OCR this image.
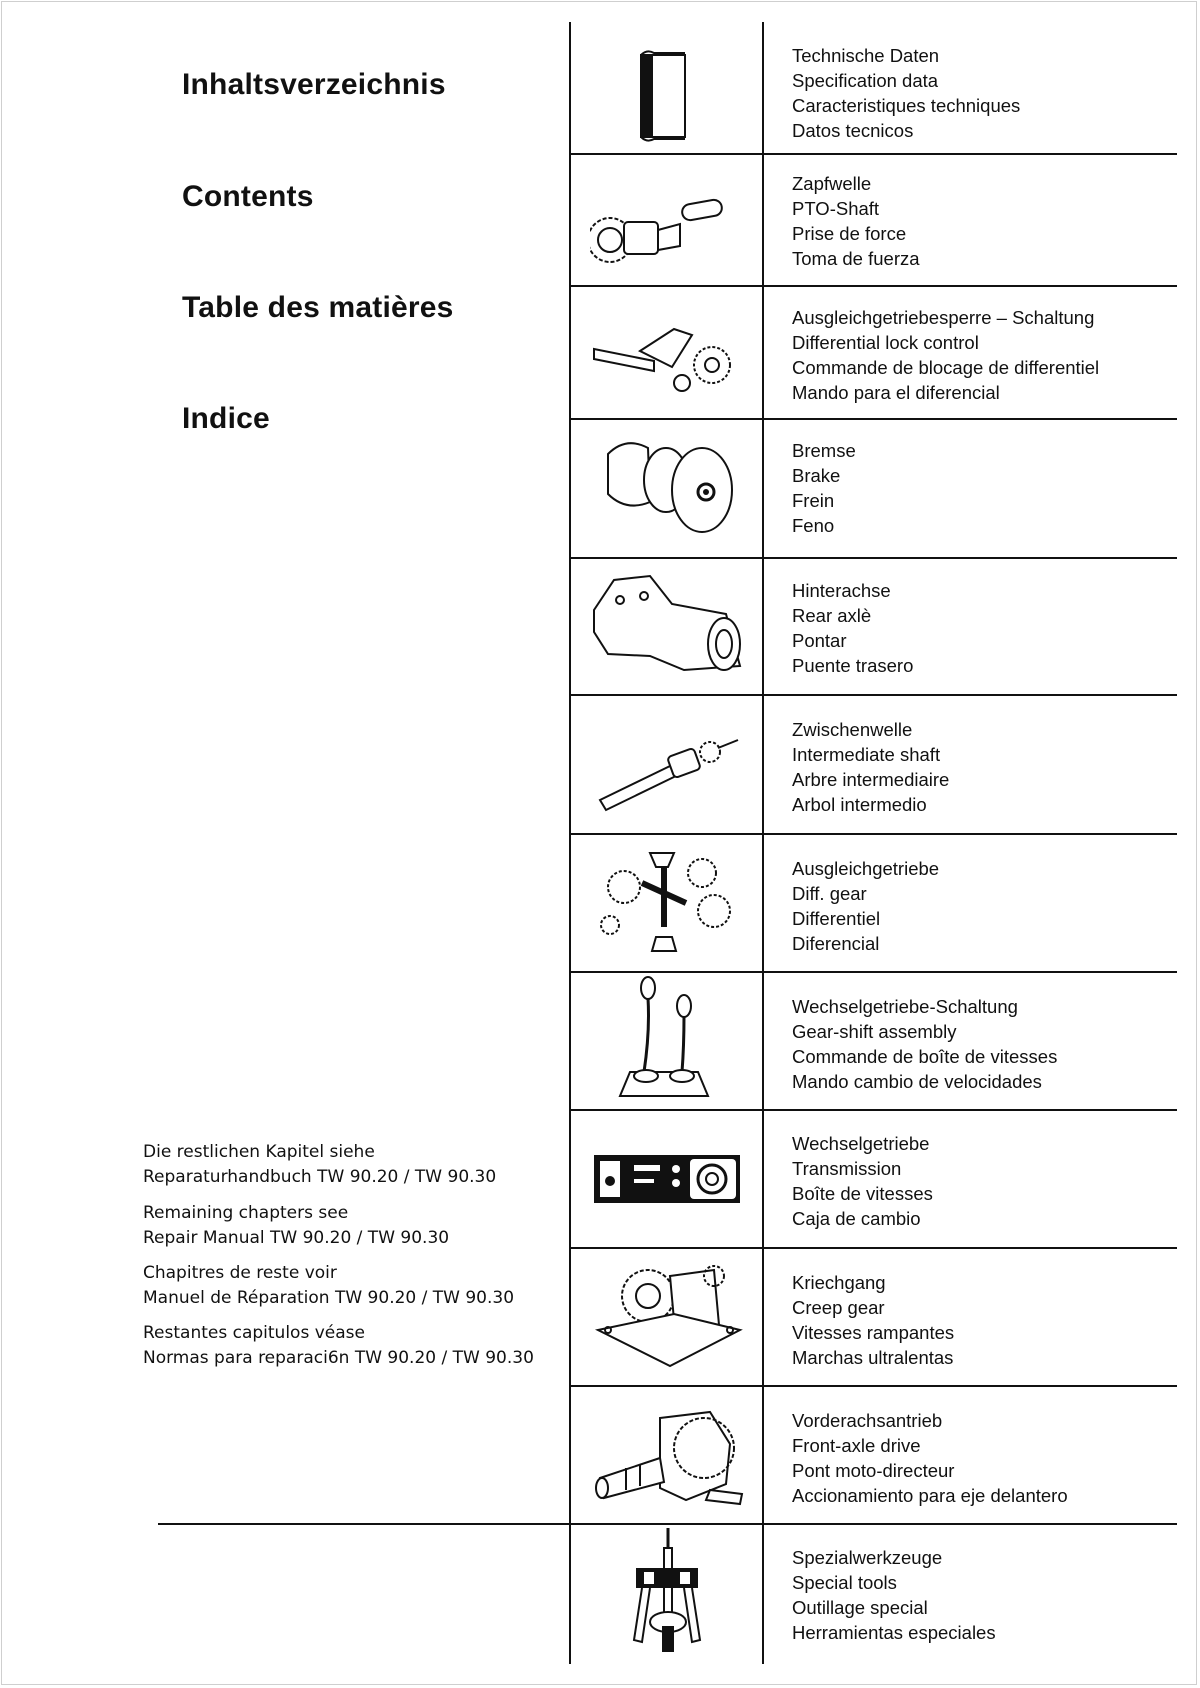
Inhaltsverzeichnis
Contents
Table des matières
Indice
Technische Daten
Specification data
Caracteristiques techniques
Datos tecnicos
Zapfwelle
PTO-Shaft
Prise de force
Toma de fuerza
Ausgleichgetriebesperre – Schaltung
Differential lock control
Commande de blocage de differentiel
Mando para el diferencial
Bremse
Brake
Frein
Feno
Hinterachse
Rear axlè
Pontar
Puente trasero
Zwischenwelle
Intermediate shaft
Arbre intermediaire
Arbol intermedio
Ausgleichgetriebe
Diff. gear
Differentiel
Diferencial
Wechselgetriebe-Schaltung
Gear-shift assembly
Commande de boîte de vitesses
Mando cambio de velocidades
Wechselgetriebe
Transmission
Boîte de vitesses
Caja de cambio
Kriechgang
Creep gear
Vitesses rampantes
Marchas ultralentas
Vorderachsantrieb
Front-axle drive
Pont moto-directeur
Accionamiento para eje delantero
Spezialwerkzeuge
Special tools
Outillage special
Herramientas especiales
Die restlichen Kapitel siehe
Reparaturhandbuch TW 90.20 / TW 90.30
Remaining chapters see
Repair Manual TW 90.20 / TW 90.30
Chapitres de reste voir
Manuel de Réparation TW 90.20 / TW 90.30
Restantes capitulos véase
Normas para reparaci6n TW 90.20 / TW 90.30
